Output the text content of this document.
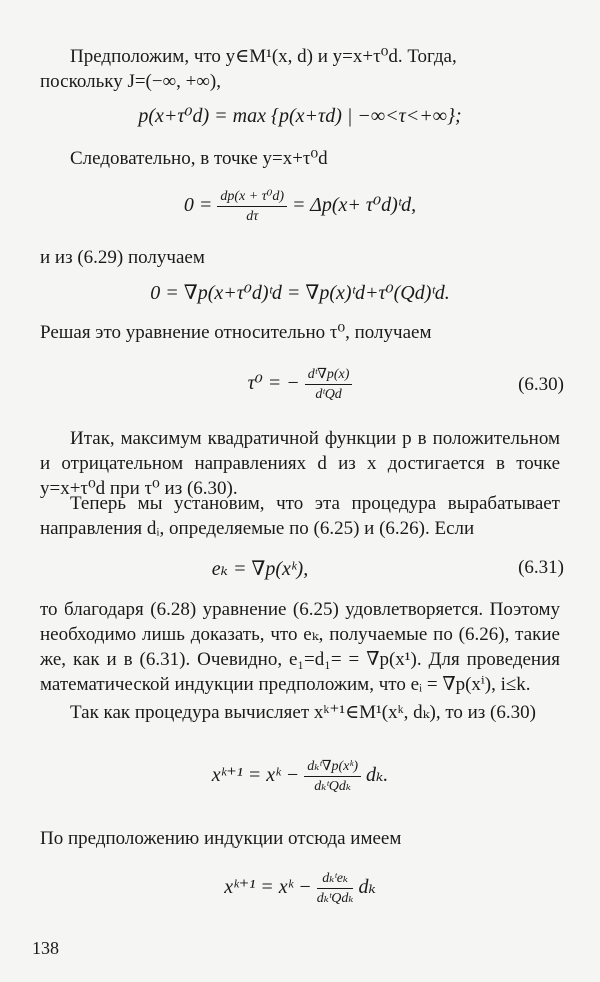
Предположим, что y∈M¹(x, d) и y=x+τ⁰d. Тогда,
поскольку J=(−∞, +∞),
p(x+τ⁰d) = max {p(x+τd) | −∞<τ<+∞};
Следовательно, в точке y=x+τ⁰d
$0 = \frac{\text{dp(x + τ⁰d)}}{d\tau} = \Delta p(x+$ τ⁰d)ᵗd,
и из (6.29) получаем
0 = ∇p(x+τ⁰d)ᵗd = ∇p(x)ᵗd+τ⁰(Qd)ᵗd.
Решая это уравнение относительно τ⁰, получаем
τ⁰ = − $\frac{\text{dᵗ∇p(x)}}{\text{dᵗQd}}$	(6.30)
Итак, максимум квадратичной функции p в положительном и отрицательном направлениях d из x достигается в точке y=x+τ⁰d при τ⁰ из (6.30).
Теперь мы установим, что эта процедура вырабатывает направления dᵢ, определяемые по (6.25) и (6.26). Если
eₖ = ∇p(xᵏ),	(6.31)
то благодаря (6.28) уравнение (6.25) удовлетворяется. Поэтому необходимо лишь доказать, что eₖ, получаемые по (6.26), такие же, как и в (6.31). Очевидно, e₁=d₁= = ∇p(x¹). Для проведения математической индукции предположим, что eᵢ = ∇p(xⁱ), i≤k.
Так как процедура вычисляет xᵏ⁺¹∈M¹(xᵏ, dₖ), то из (6.30)
xᵏ⁺¹ = xᵏ − $\frac{\text{dₖᵗ∇p(xᵏ)}}{\text{dₖᵗQdₖ}} d_k$.
По предположению индукции отсюда имеем
xᵏ⁺¹ = xᵏ − $\frac{\text{dₖᵗeₖ}}{\text{dₖᵗQdₖ}}$ dₖ
138
